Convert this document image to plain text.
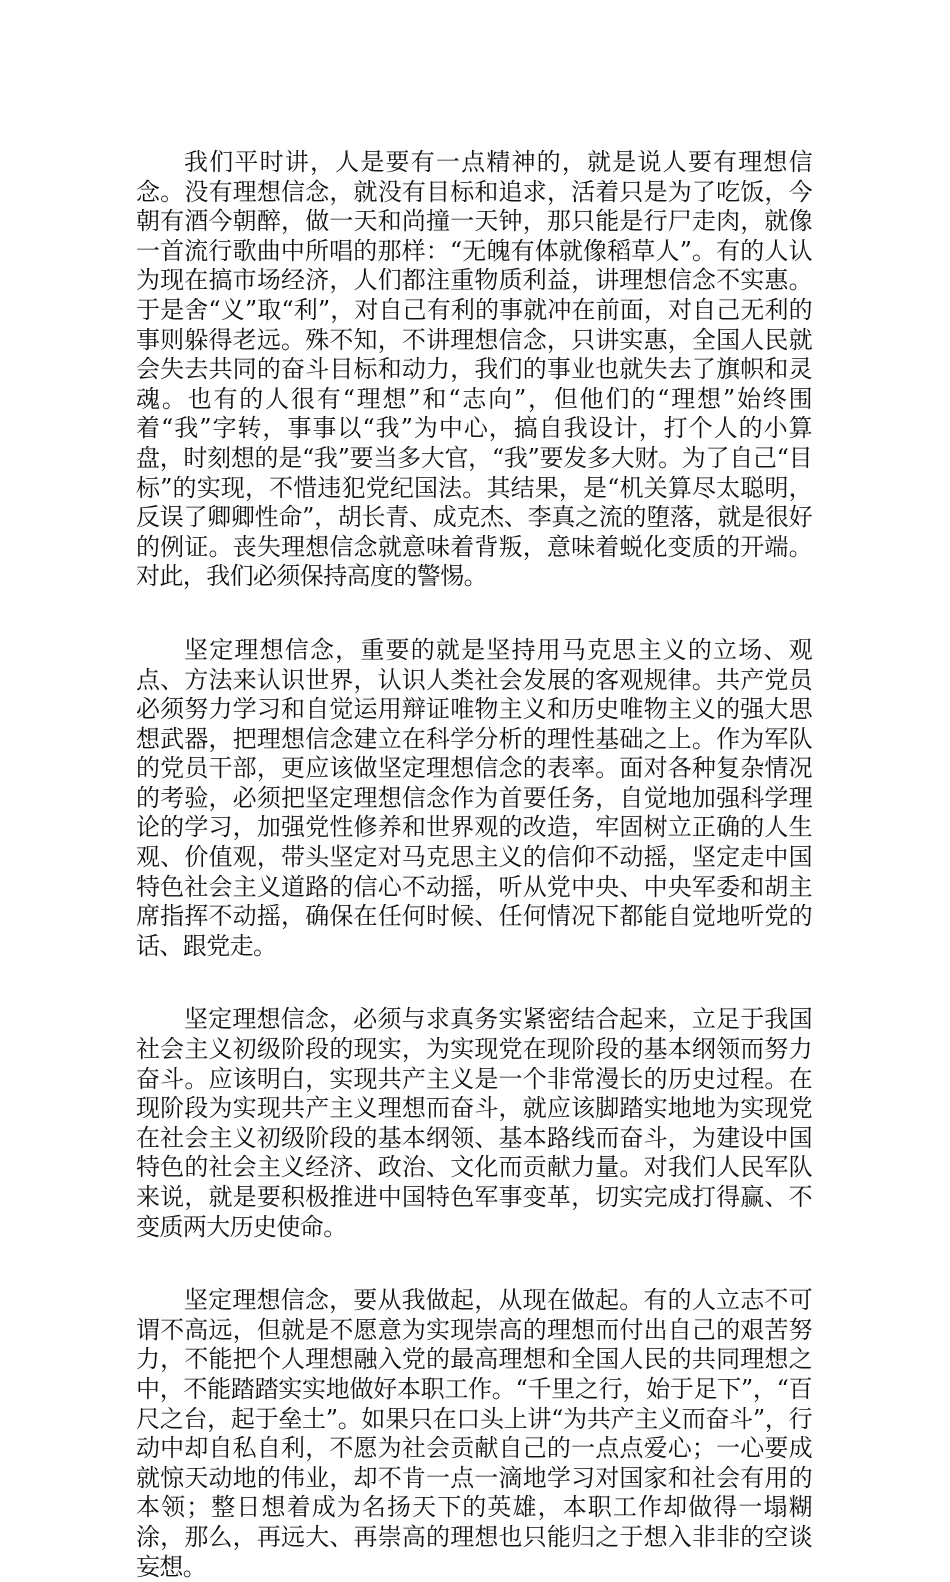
我们平时讲，人是要有一点精神的，就是说人要有理想信念。没有理想信念，就没有目标和追求，活着只是为了吃饭，今朝有酒今朝醉，做一天和尚撞一天钟，那只能是行尸走肉，就像一首流行歌曲中所唱的那样：“无魄有体就像稻草人”。有的人认为现在搞市场经济，人们都注重物质利益，讲理想信念不实惠。于是舍“义”取“利”，对自己有利的事就冲在前面，对自己无利的事则躲得老远。殊不知，不讲理想信念，只讲实惠，全国人民就会失去共同的奋斗目标和动力，我们的事业也就失去了旗帜和灵魂。也有的人很有“理想”和“志向”，但他们的“理想”始终围着“我”字转，事事以“我”为中心，搞自我设计，打个人的小算盘，时刻想的是“我”要当多大官，“我”要发多大财。为了自己“目标”的实现，不惜违犯党纪国法。其结果，是“机关算尽太聪明，反误了卿卿性命”，胡长青、成克杰、李真之流的堕落，就是很好的例证。丧失理想信念就意味着背叛，意味着蜕化变质的开端。对此，我们必须保持高度的警惕。

坚定理想信念，重要的就是坚持用马克思主义的立场、观点、方法来认识世界，认识人类社会发展的客观规律。共产党员必须努力学习和自觉运用辩证唯物主义和历史唯物主义的强大思想武器，把理想信念建立在科学分析的理性基础之上。作为军队的党员干部，更应该做坚定理想信念的表率。面对各种复杂情况的考验，必须把坚定理想信念作为首要任务，自觉地加强科学理论的学习，加强党性修养和世界观的改造，牢固树立正确的人生观、价值观，带头坚定对马克思主义的信仰不动摇，坚定走中国特色社会主义道路的信心不动摇，听从党中央、中央军委和胡主席指挥不动摇，确保在任何时候、任何情况下都能自觉地听党的话、跟党走。

坚定理想信念，必须与求真务实紧密结合起来，立足于我国社会主义初级阶段的现实，为实现党在现阶段的基本纲领而努力奋斗。应该明白，实现共产主义是一个非常漫长的历史过程。在现阶段为实现共产主义理想而奋斗，就应该脚踏实地地为实现党在社会主义初级阶段的基本纲领、基本路线而奋斗，为建设中国特色的社会主义经济、政治、文化而贡献力量。对我们人民军队来说，就是要积极推进中国特色军事变革，切实完成打得赢、不变质两大历史使命。

坚定理想信念，要从我做起，从现在做起。有的人立志不可谓不高远，但就是不愿意为实现崇高的理想而付出自己的艰苦努力，不能把个人理想融入党的最高理想和全国人民的共同理想之中，不能踏踏实实地做好本职工作。“千里之行，始于足下”，“百尺之台，起于垒土”。如果只在口头上讲“为共产主义而奋斗”，行动中却自私自利，不愿为社会贡献自己的一点点爱心；一心要成就惊天动地的伟业，却不肯一点一滴地学习对国家和社会有用的本领；整日想着成为名扬天下的英雄，本职工作却做得一塌糊涂，那么，再远大、再崇高的理想也只能归之于想入非非的空谈妄想。
